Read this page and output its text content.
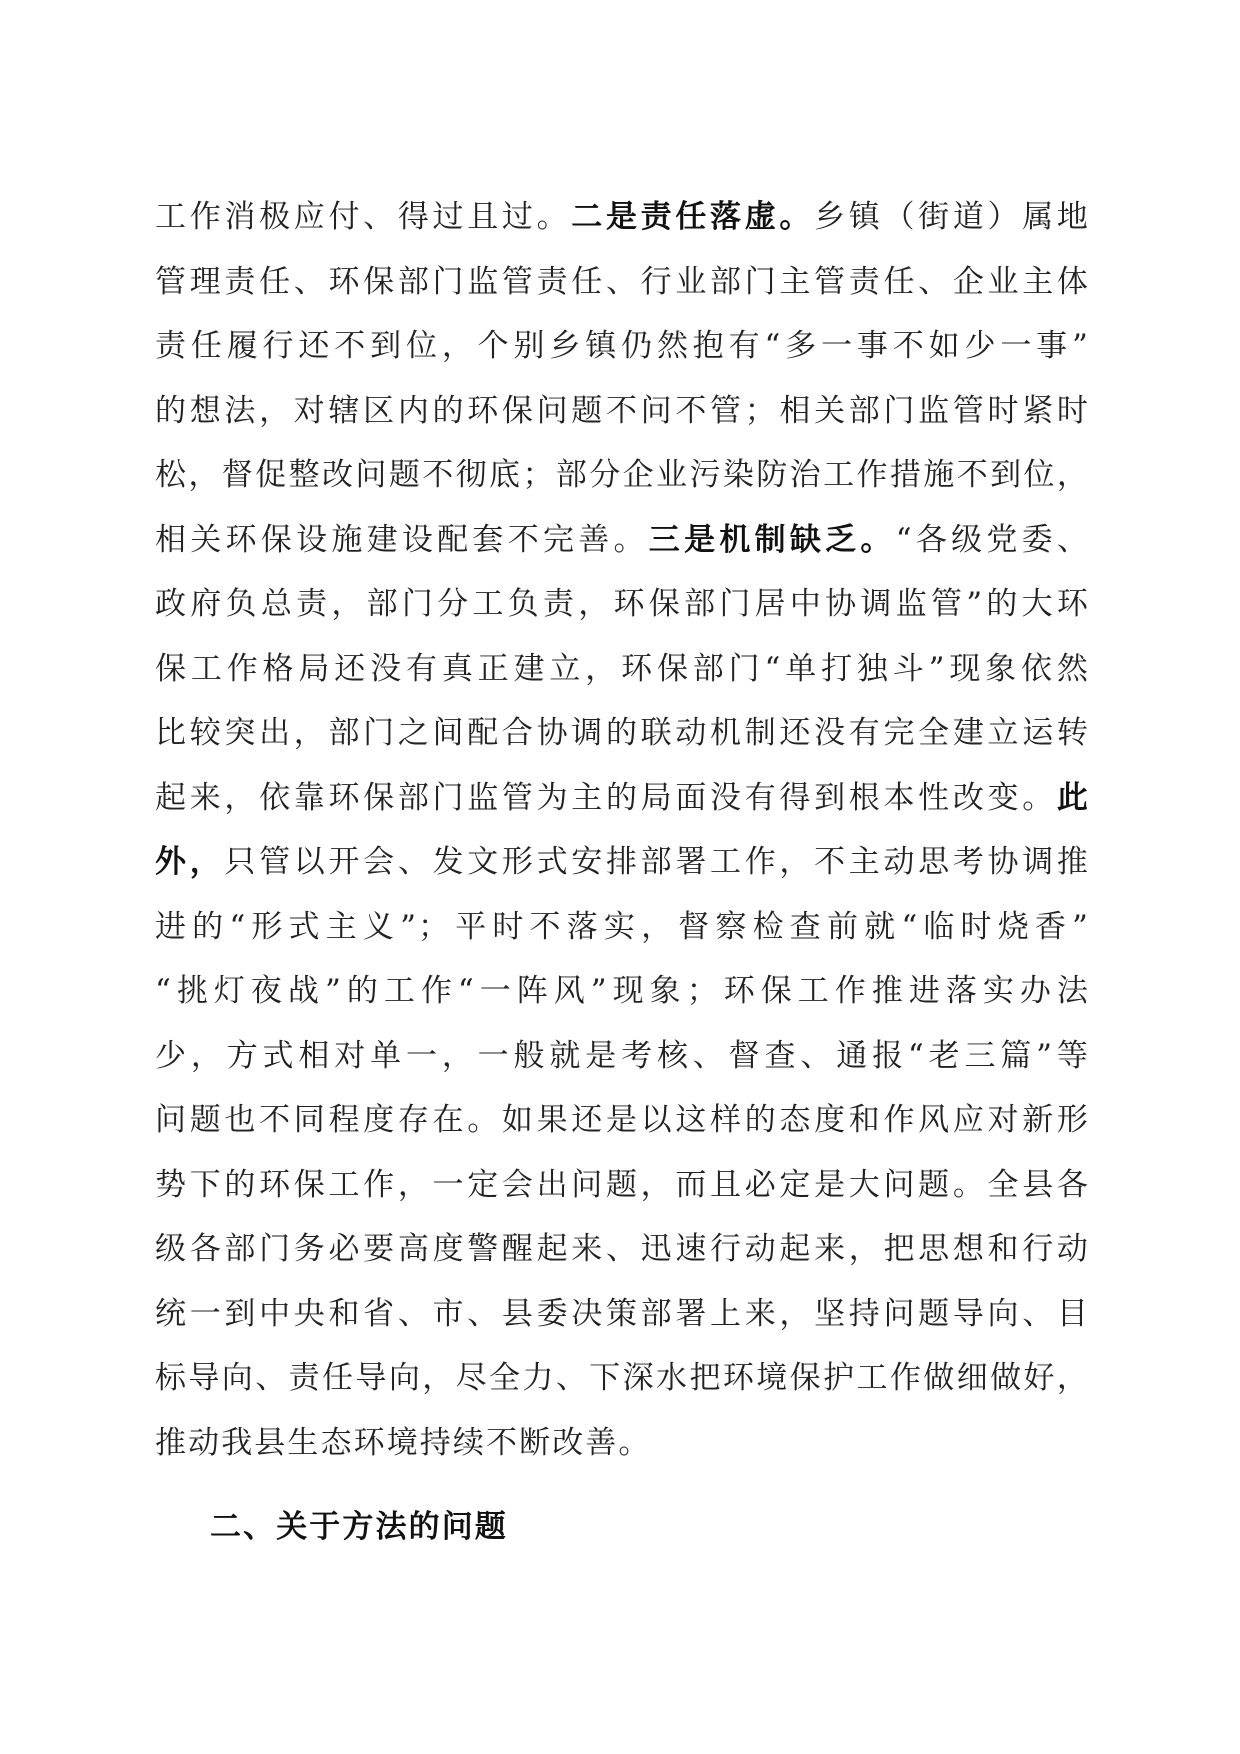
工作消极应付、得过且过。二是责任落虚。乡镇（街道）属地
管理责任、环保部门监管责任、行业部门主管责任、企业主体
责任履行还不到位，个别乡镇仍然抱有“多一事不如少一事”
的想法，对辖区内的环保问题不问不管；相关部门监管时紧时
松，督促整改问题不彻底；部分企业污染防治工作措施不到位，
相关环保设施建设配套不完善。三是机制缺乏。“各级党委、
政府负总责，部门分工负责，环保部门居中协调监管”的大环
保工作格局还没有真正建立，环保部门“单打独斗”现象依然
比较突出，部门之间配合协调的联动机制还没有完全建立运转
起来，依靠环保部门监管为主的局面没有得到根本性改变。此
外，只管以开会、发文形式安排部署工作，不主动思考协调推
进的“形式主义”；平时不落实，督察检查前就“临时烧香”
“挑灯夜战”的工作“一阵风”现象；环保工作推进落实办法
少，方式相对单一，一般就是考核、督查、通报“老三篇”等
问题也不同程度存在。如果还是以这样的态度和作风应对新形
势下的环保工作，一定会出问题，而且必定是大问题。全县各
级各部门务必要高度警醒起来、迅速行动起来，把思想和行动
统一到中央和省、市、县委决策部署上来，坚持问题导向、目
标导向、责任导向，尽全力、下深水把环境保护工作做细做好，
推动我县生态环境持续不断改善。
二、关于方法的问题
